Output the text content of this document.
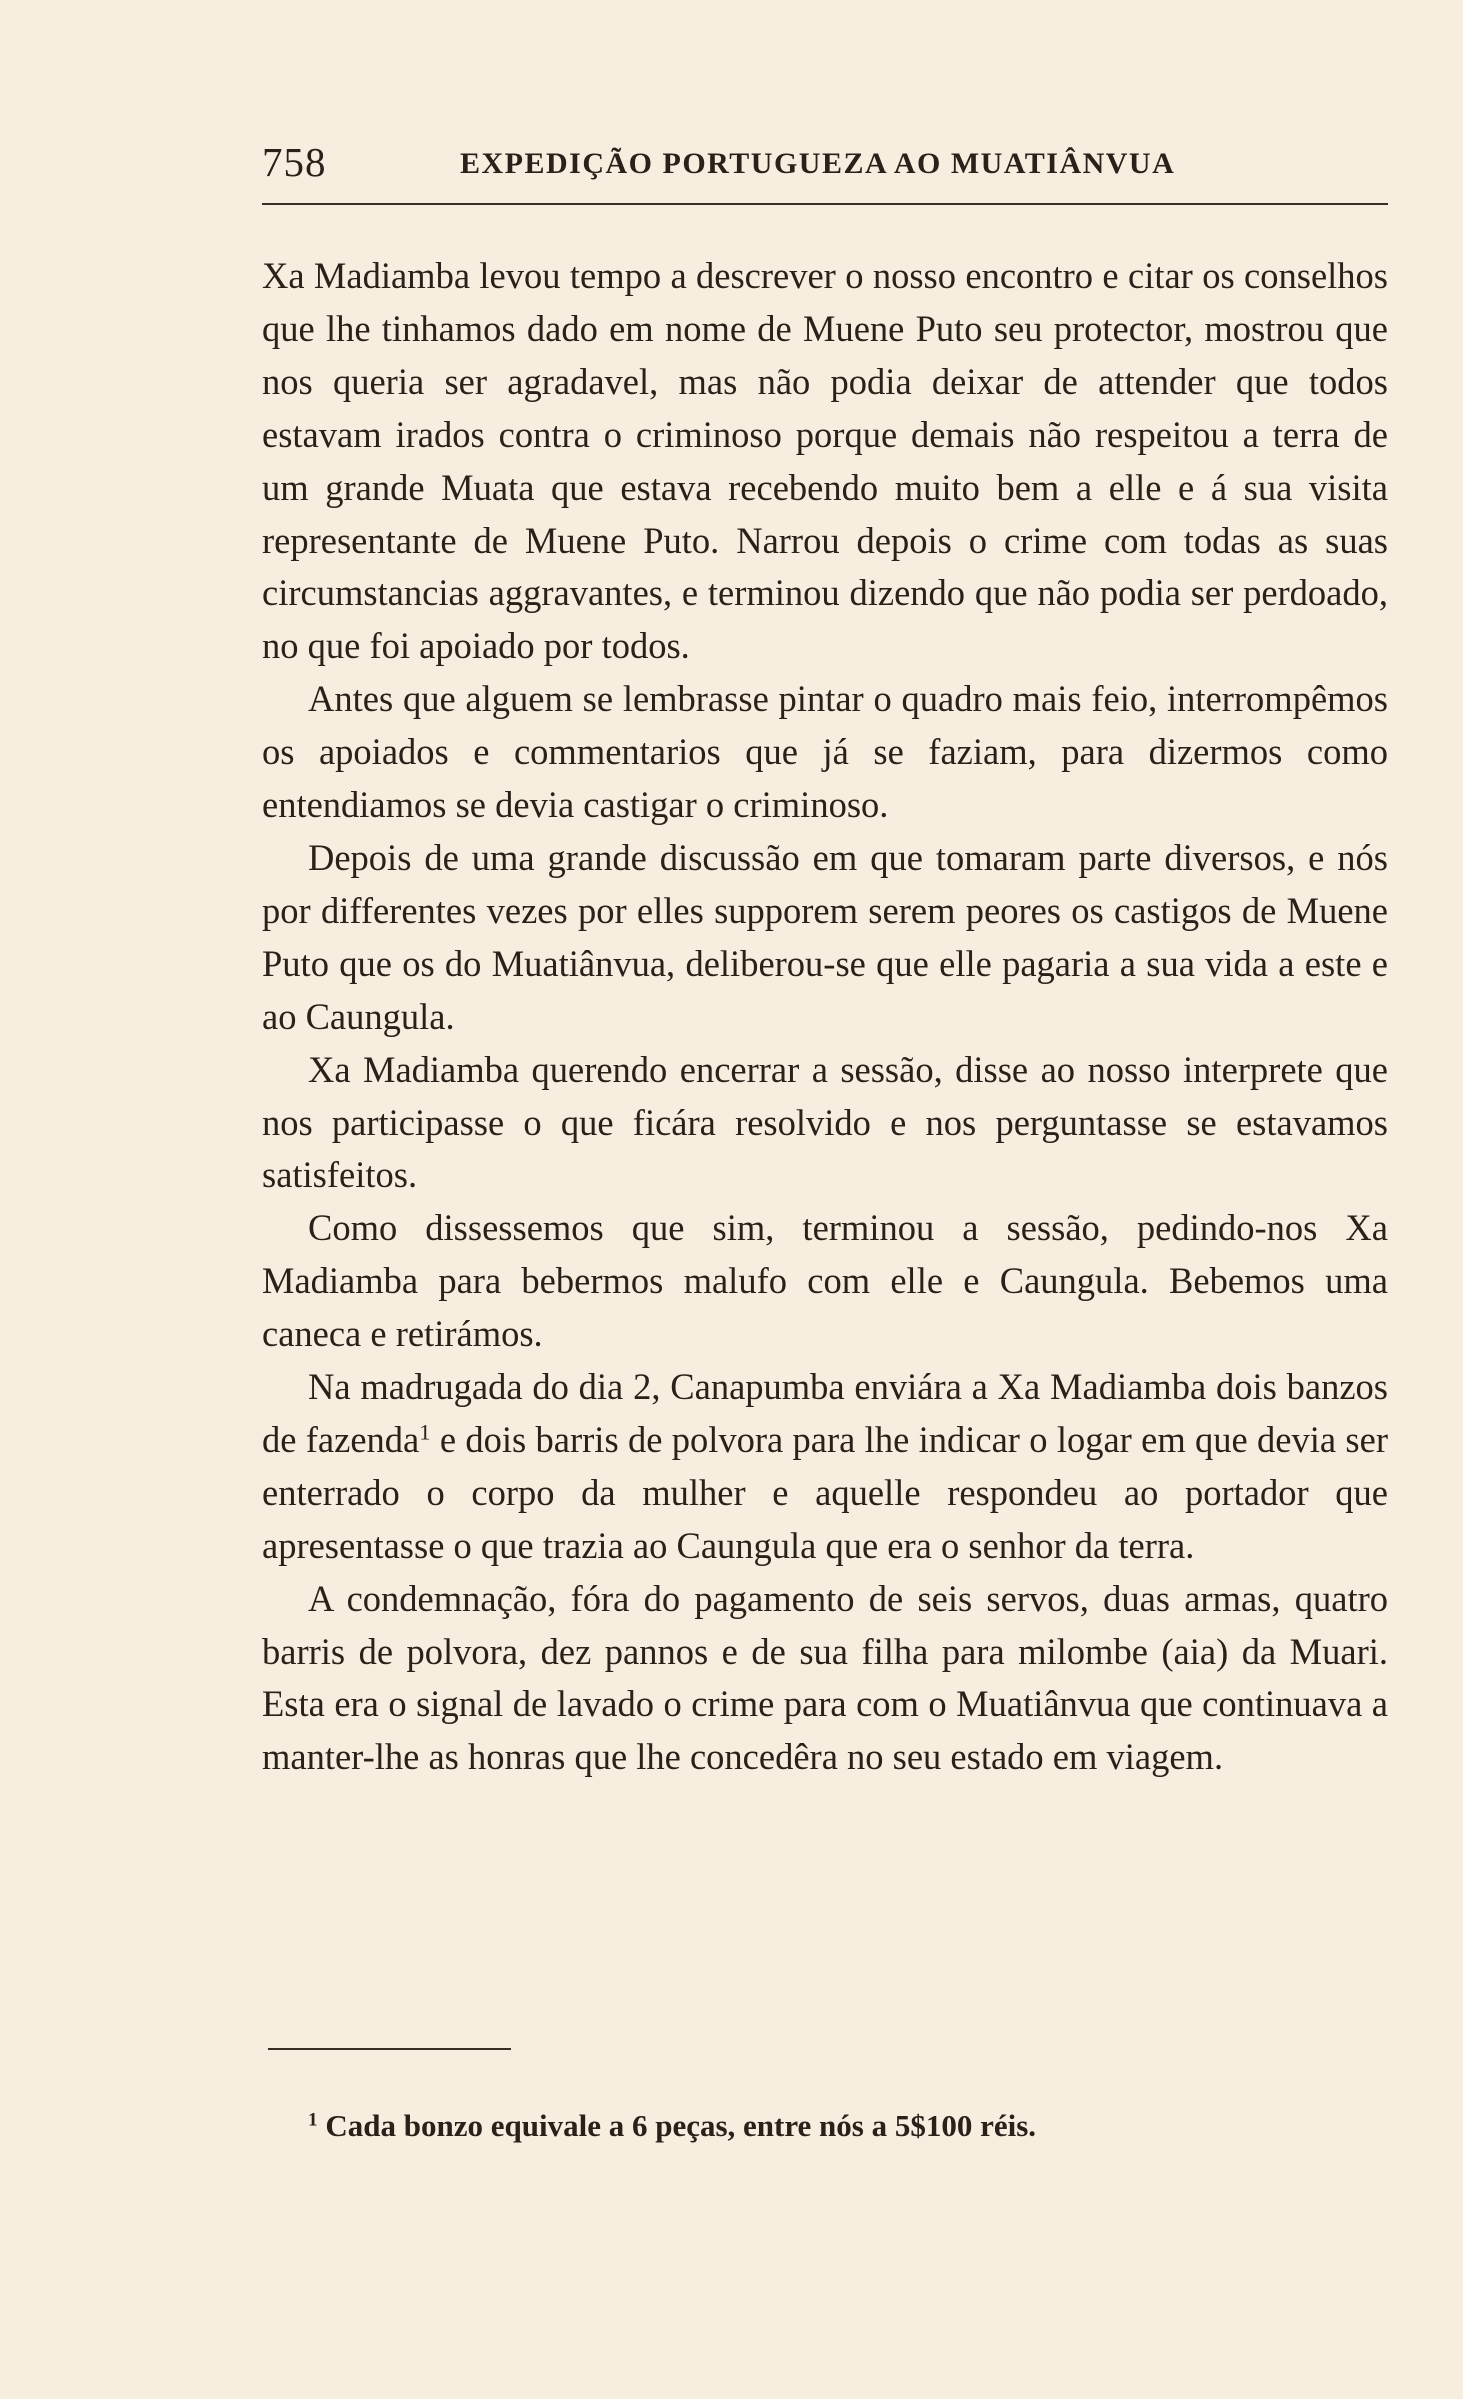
758	EXPEDIÇÃO PORTUGUEZA AO MUATIÂNVUA

Xa Madiamba levou tempo a descrever o nosso encontro e citar os conselhos que lhe tinhamos dado em nome de Muene Puto seu protector, mostrou que nos queria ser agradavel, mas não podia deixar de attender que todos estavam irados contra o criminoso porque demais não respeitou a terra de um grande Muata que estava recebendo muito bem a elle e á sua visita representante de Muene Puto. Narrou depois o crime com todas as suas circumstancias aggravantes, e terminou dizendo que não podia ser perdoado, no que foi apoiado por todos.

Antes que alguem se lembrasse pintar o quadro mais feio, interrompêmos os apoiados e commentarios que já se faziam, para dizermos como entendiamos se devia castigar o criminoso.

Depois de uma grande discussão em que tomaram parte diversos, e nós por differentes vezes por elles supporem serem peores os castigos de Muene Puto que os do Muatiânvua, deliberou-se que elle pagaria a sua vida a este e ao Caungula.

Xa Madiamba querendo encerrar a sessão, disse ao nosso interprete que nos participasse o que ficára resolvido e nos perguntasse se estavamos satisfeitos.

Como dissessemos que sim, terminou a sessão, pedindo-nos Xa Madiamba para bebermos malufo com elle e Caungula. Bebemos uma caneca e retirámos.

Na madrugada do dia 2, Canapumba enviára a Xa Madiamba dois banzos de fazenda$^1$ e dois barris de polvora para lhe indicar o logar em que devia ser enterrado o corpo da mulher e aquelle respondeu ao portador que apresentasse o que trazia ao Caungula que era o senhor da terra.

A condemnação, fóra do pagamento de seis servos, duas armas, quatro barris de polvora, dez pannos e de sua filha para milombe (aia) da Muari. Esta era o signal de lavado o crime para com o Muatiânvua que continuava a manter-lhe as honras que lhe concedêra no seu estado em viagem.

$^1$ Cada bonzo equivale a 6 peças, entre nós a 5$100 réis.
